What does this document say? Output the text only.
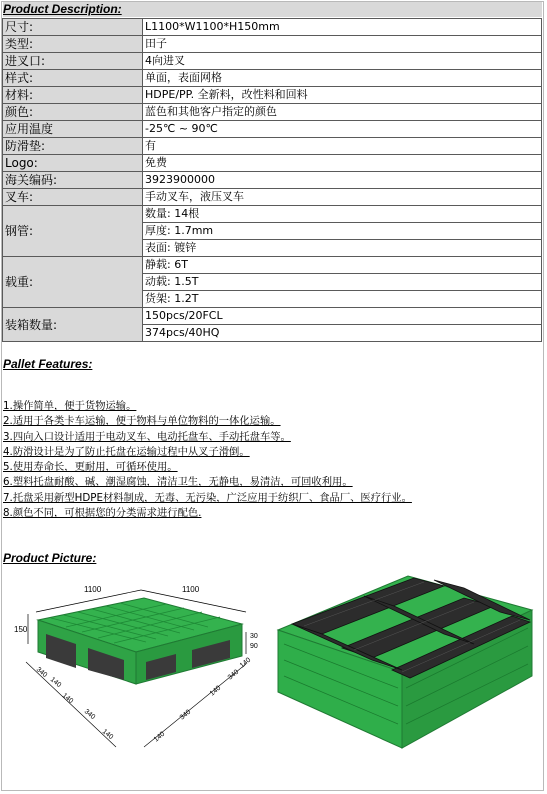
Product Description:
尺寸:	L1100*W1100*H150mm
类型:	田子
进叉口:	4向进叉
样式:	单面，表面网格
材料:	HDPE/PP. 全新料，改性料和回料
颜色:	蓝色和其他客户指定的颜色
应用温度	-25℃ ~ 90℃
防滑垫:	有
Logo:	免费
海关编码:	3923900000
叉车:	手动叉车，液压叉车
钢管:	数量: 14根
	厚度: 1.7mm
	表面: 镀锌
载重:	静载: 6T
	动载: 1.5T
	货架: 1.2T
装箱数量:	150pcs/20FCL
	374pcs/40HQ
Pallet Features:
1.操作简单，便于货物运输。
2.适用于各类卡车运输，便于物料与单位物料的一体化运输。
3.四向入口设计适用于电动叉车、电动托盘车、手动托盘车等。
4.防滑设计是为了防止托盘在运输过程中从叉子滑倒。
5.使用寿命长，更耐用，可循环使用。
6.塑料托盘耐酸、碱、潮湿腐蚀，清洁卫生，无静电，易清洁，可回收利用。
7.托盘采用新型HDPE材料制成，无毒、无污染，广泛应用于纺织厂、食品厂、医疗行业。
8.颜色不同，可根据您的分类需求进行配色.
Product Picture:
1100	1100
150
30
90
340
140
140
340
140	140
340
140
340
140
